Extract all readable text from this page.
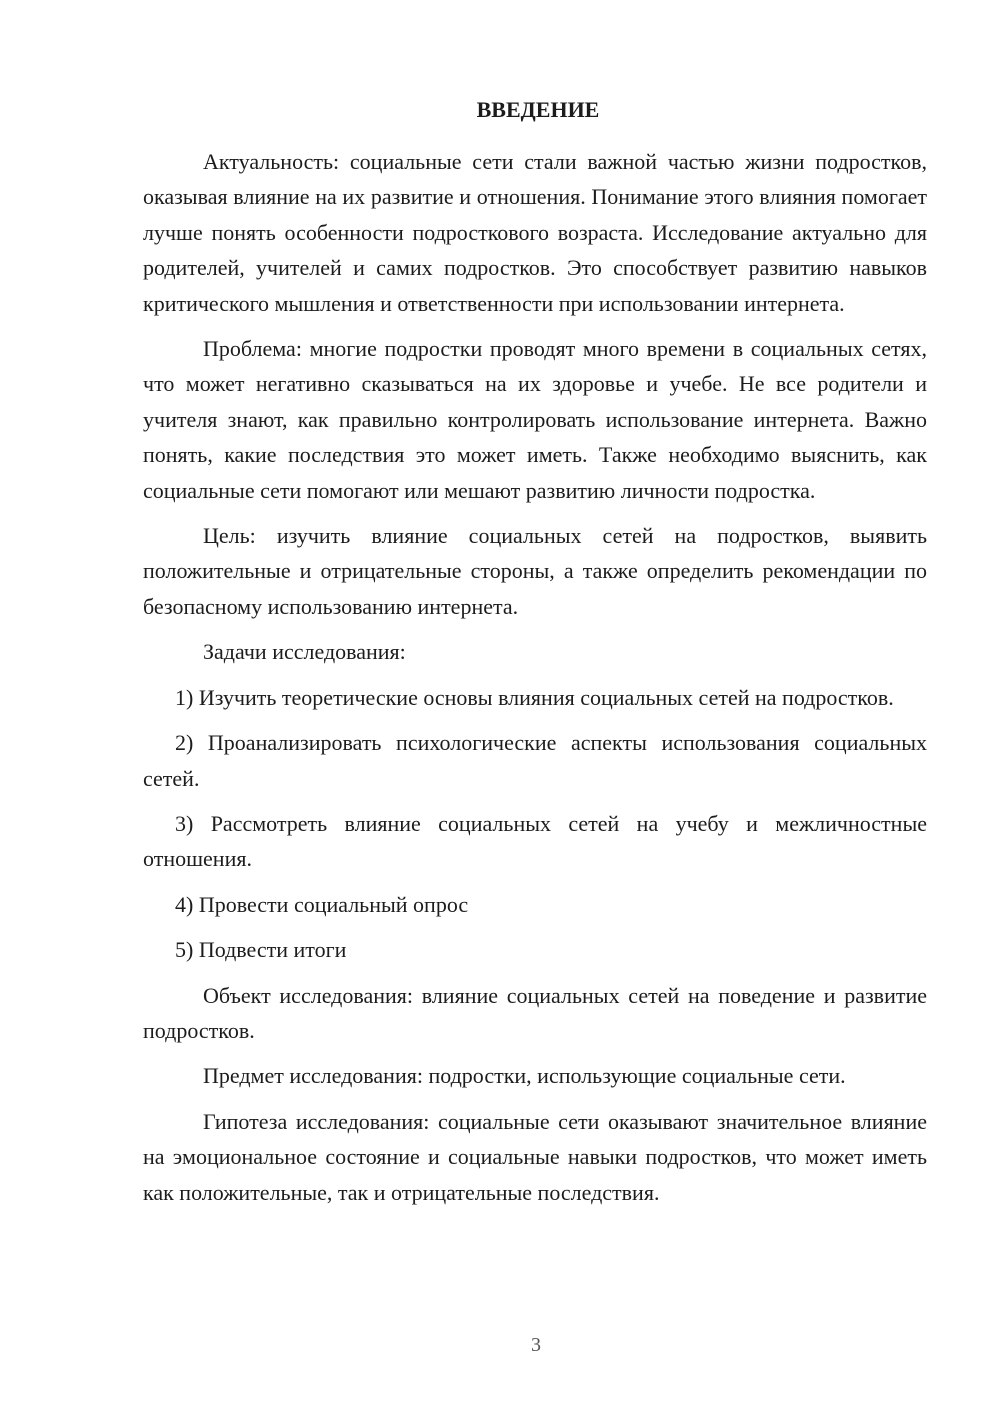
ВВЕДЕНИЕ

Актуальность: социальные сети стали важной частью жизни подростков, оказывая влияние на их развитие и отношения. Понимание этого влияния помогает лучше понять особенности подросткового возраста. Исследование актуально для родителей, учителей и самих подростков. Это способствует развитию навыков критического мышления и ответственности при использовании интернета.

Проблема: многие подростки проводят много времени в социальных сетях, что может негативно сказываться на их здоровье и учебе. Не все родители и учителя знают, как правильно контролировать использование интернета. Важно понять, какие последствия это может иметь. Также необходимо выяснить, как социальные сети помогают или мешают развитию личности подростка.

Цель: изучить влияние социальных сетей на подростков, выявить положительные и отрицательные стороны, а также определить рекомендации по безопасному использованию интернета.

Задачи исследования:

1) Изучить теоретические основы влияния социальных сетей на подростков.

2) Проанализировать психологические аспекты использования социальных сетей.

3) Рассмотреть влияние социальных сетей на учебу и межличностные отношения.

4) Провести социальный опрос

5) Подвести итоги

Объект исследования: влияние социальных сетей на поведение и развитие подростков.

Предмет исследования: подростки, использующие социальные сети.

Гипотеза исследования: социальные сети оказывают значительное влияние на эмоциональное состояние и социальные навыки подростков, что может иметь как положительные, так и отрицательные последствия.

3
